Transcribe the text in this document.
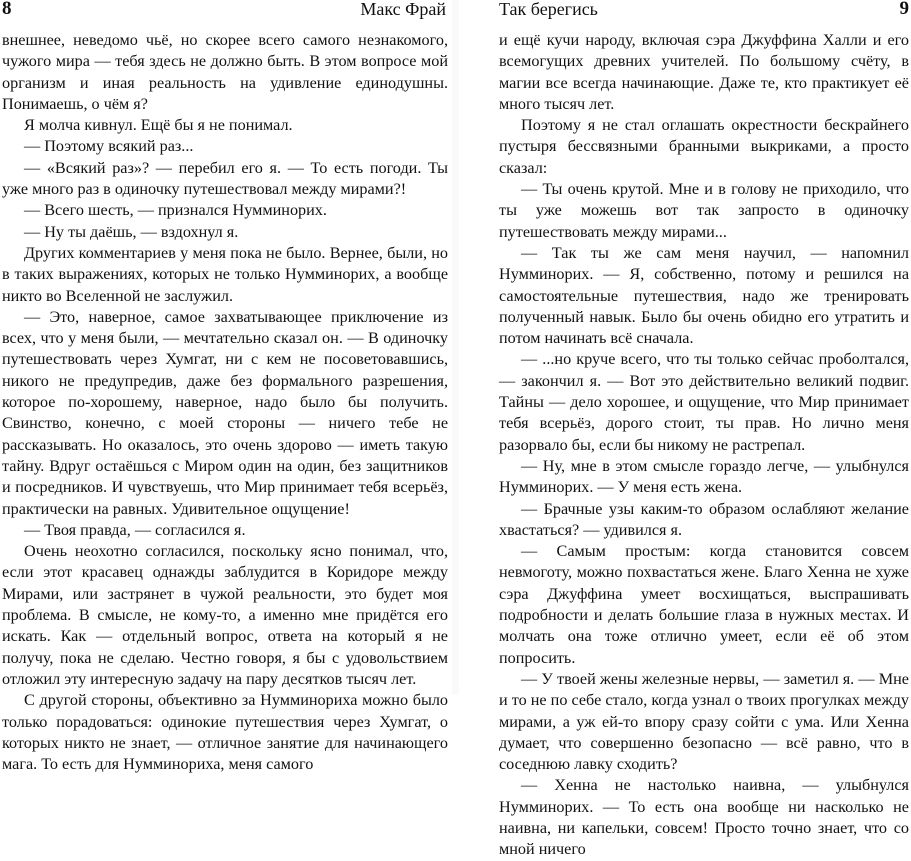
8	Макс Фрай

внешнее, неведомо чьё, но скорее всего самого незнакомого, чужого мира — тебя здесь не должно быть. В этом вопросе мой организм и иная реальность на удивление единодушны. Понимаешь, о чём я?

Я молча кивнул. Ещё бы я не понимал.

— Поэтому всякий раз...

— «Всякий раз»? — перебил его я. — То есть погоди. Ты уже много раз в одиночку путешествовал между мирами?!

— Всего шесть, — признался Нумминорих.

— Ну ты даёшь, — вздохнул я.

Других комментариев у меня пока не было. Вернее, были, но в таких выражениях, которых не только Нумминорих, а вообще никто во Вселенной не заслужил.

— Это, наверное, самое захватывающее приключение из всех, что у меня были, — мечтательно сказал он. — В одиночку путешествовать через Хумгат, ни с кем не посоветовавшись, никого не предупредив, даже без формального разрешения, которое по-хорошему, наверное, надо было бы получить. Свинство, конечно, с моей стороны — ничего тебе не рассказывать. Но оказалось, это очень здорово — иметь такую тайну. Вдруг остаёшься с Миром один на один, без защитников и посредников. И чувствуешь, что Мир принимает тебя всерьёз, практически на равных. Удивительное ощущение!

— Твоя правда, — согласился я.

Очень неохотно согласился, поскольку ясно понимал, что, если этот красавец однажды заблудится в Коридоре между Мирами, или застрянет в чужой реальности, это будет моя проблема. В смысле, не кому-то, а именно мне придётся его искать. Как — отдельный вопрос, ответа на который я не получу, пока не сделаю. Честно говоря, я бы с удовольствием отложил эту интересную задачу на пару десятков тысяч лет.

С другой стороны, объективно за Нумминориха можно было только порадоваться: одинокие путешествия через Хумгат, о которых никто не знает, — отличное занятие для начинающего мага. То есть для Нумминориха, меня самого

Так берегись	9

и ещё кучи народу, включая сэра Джуффина Халли и его всемогущих древних учителей. По большому счёту, в магии все всегда начинающие. Даже те, кто практикует её много тысяч лет.

Поэтому я не стал оглашать окрестности бескрайнего пустыря бессвязными бранными выкриками, а просто сказал:

— Ты очень крутой. Мне и в голову не приходило, что ты уже можешь вот так запросто в одиночку путешествовать между мирами...

— Так ты же сам меня научил, — напомнил Нумминорих. — Я, собственно, потому и решился на самостоятельные путешествия, надо же тренировать полученный навык. Было бы очень обидно его утратить и потом начинать всё сначала.

— ...но круче всего, что ты только сейчас проболтался, — закончил я. — Вот это действительно великий подвиг. Тайны — дело хорошее, и ощущение, что Мир принимает тебя всерьёз, дорого стоит, ты прав. Но лично меня разорвало бы, если бы никому не растрепал.

— Ну, мне в этом смысле гораздо легче, — улыбнулся Нумминорих. — У меня есть жена.

— Брачные узы каким-то образом ослабляют желание хвастаться? — удивился я.

— Самым простым: когда становится совсем невмоготу, можно похвастаться жене. Благо Хенна не хуже сэра Джуффина умеет восхищаться, выспрашивать подробности и делать большие глаза в нужных местах. И молчать она тоже отлично умеет, если её об этом попросить.

— У твоей жены железные нервы, — заметил я. — Мне и то не по себе стало, когда узнал о твоих прогулках между мирами, а уж ей-то впору сразу сойти с ума. Или Хенна думает, что совершенно безопасно — всё равно, что в соседнюю лавку сходить?

— Хенна не настолько наивна, — улыбнулся Нумминорих. — То есть она вообще ни насколько не наивна, ни капельки, совсем! Просто точно знает, что со мной ничего
